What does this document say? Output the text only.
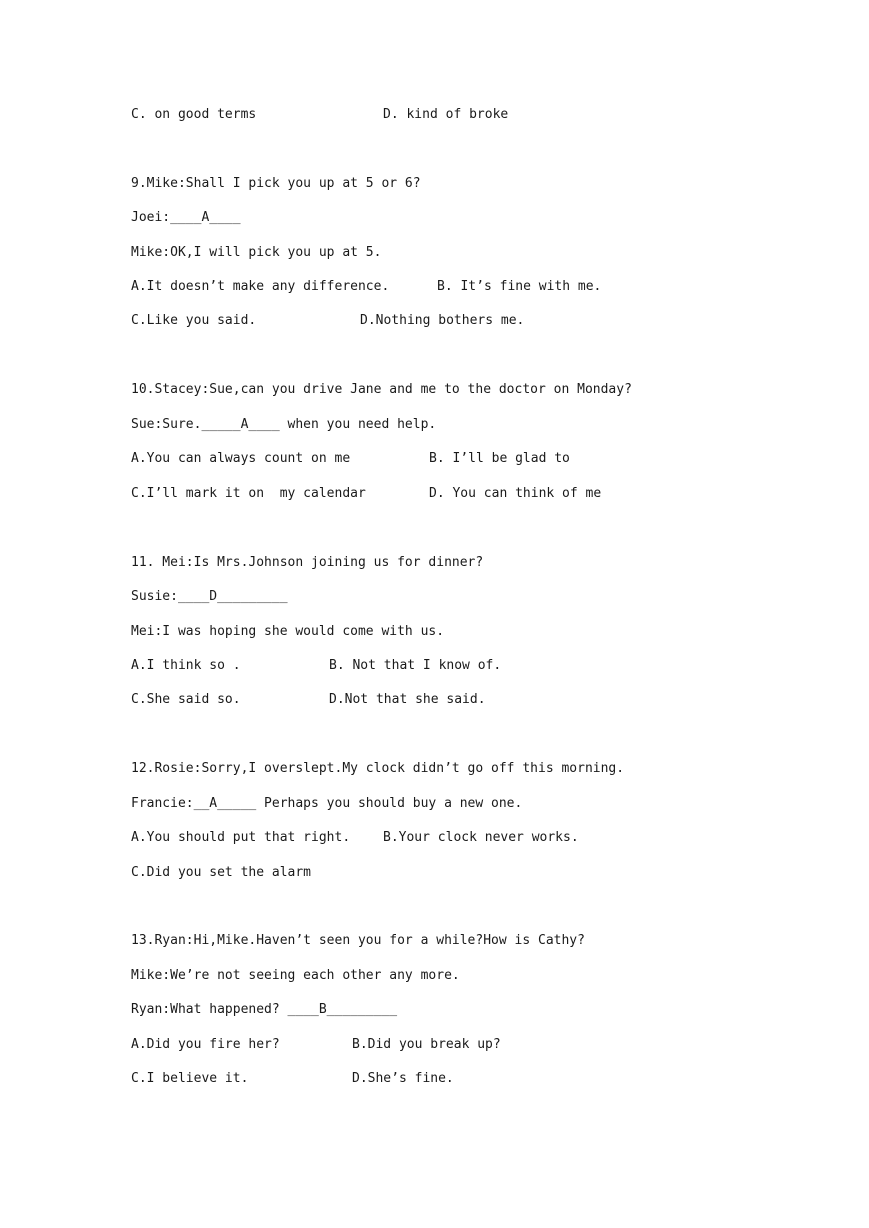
C. on good terms	D. kind of broke
9.Mike:Shall I pick you up at 5 or 6?
Joei:____A____
Mike:OK,I will pick you up at 5.
A.It doesn’t make any difference.	B. It’s fine with me.
C.Like you said.	D.Nothing bothers me.
10.Stacey:Sue,can you drive Jane and me to the doctor on Monday?
Sue:Sure._____A____ when you need help.
A.You can always count on me	B. I’ll be glad to
C.I’ll mark it on  my calendar	D. You can think of me
11. Mei:Is Mrs.Johnson joining us for dinner?
Susie:____D_________
Mei:I was hoping she would come with us.
A.I think so .	B. Not that I know of.
C.She said so.	D.Not that she said.
12.Rosie:Sorry,I overslept.My clock didn’t go off this morning.
Francie:__A_____ Perhaps you should buy a new one.
A.You should put that right.	B.Your clock never works.
C.Did you set the alarm
13.Ryan:Hi,Mike.Haven’t seen you for a while?How is Cathy?
Mike:We’re not seeing each other any more.
Ryan:What happened? ____B_________
A.Did you fire her?	B.Did you break up?
C.I believe it.	D.She’s fine.
